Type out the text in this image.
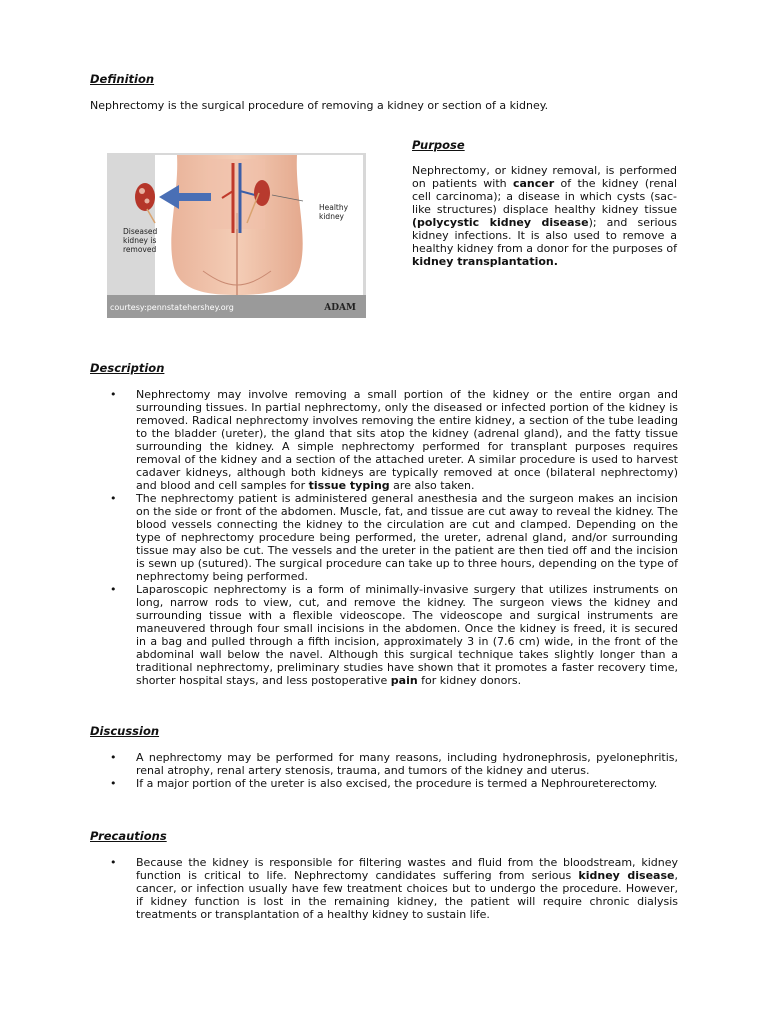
Definition
Nephrectomy is the surgical procedure of removing a kidney or section of a kidney.
Diseased kidney is removed
Healthy kidney
courtesy:pennstatehershey.org	ADAM
Purpose
Nephrectomy, or kidney removal, is performed on patients with cancer of the kidney (renal cell carcinoma); a disease in which cysts (sac-like structures) displace healthy kidney tissue (polycystic kidney disease); and serious kidney infections. It is also used to remove a healthy kidney from a donor for the purposes of kidney transplantation.
Description
• Nephrectomy may involve removing a small portion of the kidney or the entire organ and surrounding tissues. In partial nephrectomy, only the diseased or infected portion of the kidney is removed. Radical nephrectomy involves removing the entire kidney, a section of the tube leading to the bladder (ureter), the gland that sits atop the kidney (adrenal gland), and the fatty tissue surrounding the kidney. A simple nephrectomy performed for transplant purposes requires removal of the kidney and a section of the attached ureter. A similar procedure is used to harvest cadaver kidneys, although both kidneys are typically removed at once (bilateral nephrectomy) and blood and cell samples for tissue typing are also taken.
• The nephrectomy patient is administered general anesthesia and the surgeon makes an incision on the side or front of the abdomen. Muscle, fat, and tissue are cut away to reveal the kidney. The blood vessels connecting the kidney to the circulation are cut and clamped. Depending on the type of nephrectomy procedure being performed, the ureter, adrenal gland, and/or surrounding tissue may also be cut. The vessels and the ureter in the patient are then tied off and the incision is sewn up (sutured). The surgical procedure can take up to three hours, depending on the type of nephrectomy being performed.
• Laparoscopic nephrectomy is a form of minimally-invasive surgery that utilizes instruments on long, narrow rods to view, cut, and remove the kidney. The surgeon views the kidney and surrounding tissue with a flexible videoscope. The videoscope and surgical instruments are maneuvered through four small incisions in the abdomen. Once the kidney is freed, it is secured in a bag and pulled through a fifth incision, approximately 3 in (7.6 cm) wide, in the front of the abdominal wall below the navel. Although this surgical technique takes slightly longer than a traditional nephrectomy, preliminary studies have shown that it promotes a faster recovery time, shorter hospital stays, and less postoperative pain for kidney donors.
Discussion
• A nephrectomy may be performed for many reasons, including hydronephrosis, pyelonephritis, renal atrophy, renal artery stenosis, trauma, and tumors of the kidney and uterus.
• If a major portion of the ureter is also excised, the procedure is termed a Nephroureterectomy.
Precautions
• Because the kidney is responsible for filtering wastes and fluid from the bloodstream, kidney function is critical to life. Nephrectomy candidates suffering from serious kidney disease, cancer, or infection usually have few treatment choices but to undergo the procedure. However, if kidney function is lost in the remaining kidney, the patient will require chronic dialysis treatments or transplantation of a healthy kidney to sustain life.
